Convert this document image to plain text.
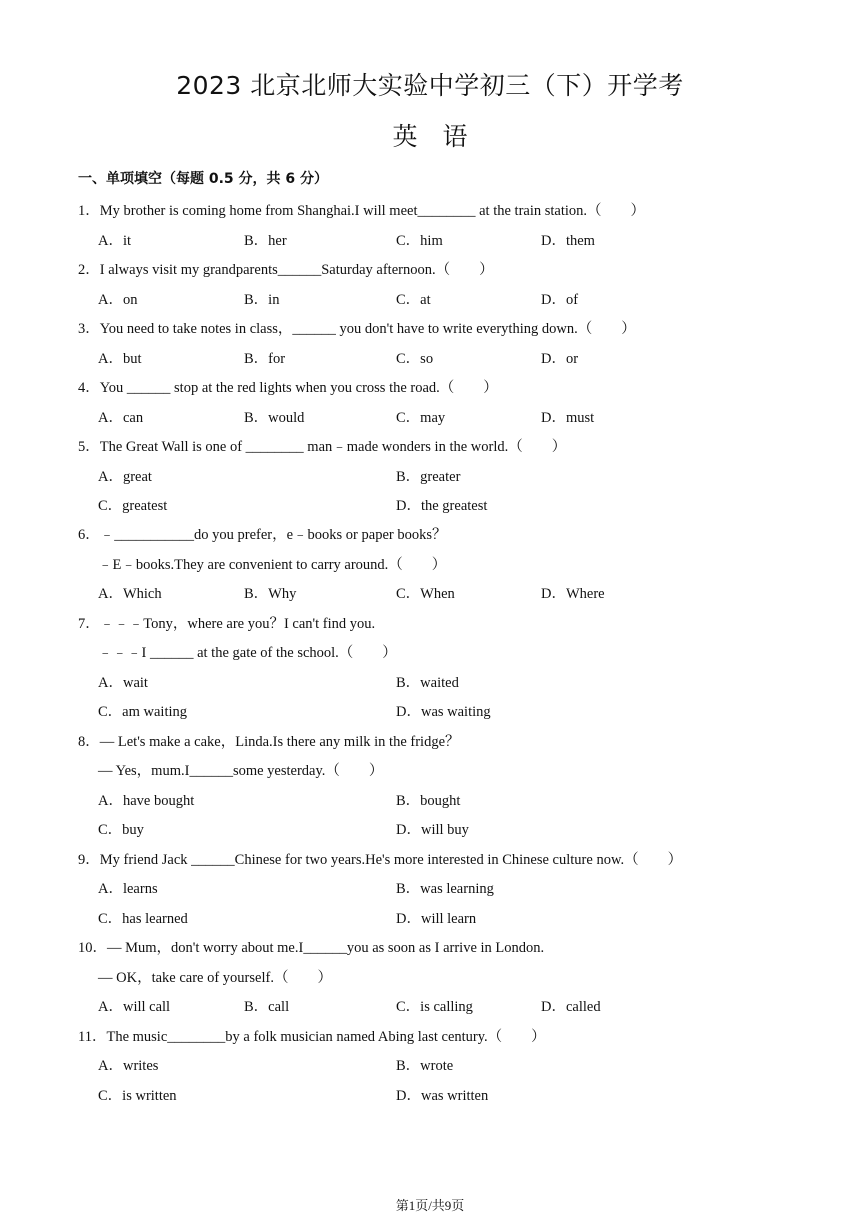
2023 北京北师大实验中学初三（下）开学考
英　语
一、单项填空（每题 0.5 分，共 6 分）
1．My brother is coming home from Shanghai.I will meet________ at the train station.（　　）
A．it	B．her	C．him	D．them
2．I always visit my grandparents______Saturday afternoon.（　　）
A．on	B．in	C．at	D．of
3．You need to take notes in class，______ you don't have to write everything down.（　　）
A．but	B．for	C．so	D．or
4．You ______ stop at the red lights when you cross the road.（　　）
A．can	B．would	C．may	D．must
5．The Great Wall is one of ________ man﹣made wonders in the world.（　　）
A．great	B．greater
C．greatest	D．the greatest
6．﹣___________do you prefer，e﹣books or paper books？
﹣E﹣books.They are convenient to carry around.（　　）
A．Which	B．Why	C．When	D．Where
7．﹣﹣﹣Tony，where are you？I can't find you.
﹣﹣﹣I ______ at the gate of the school.（　　）
A．wait	B．waited
C．am waiting	D．was waiting
8．— Let's make a cake，Linda.Is there any milk in the fridge？
— Yes，mum.I______some yesterday.（　　）
A．have bought	B．bought
C．buy	D．will buy
9．My friend Jack ______Chinese for two years.He's more interested in Chinese culture now.（　　）
A．learns	B．was learning
C．has learned	D．will learn
10．— Mum，don't worry about me.I______you as soon as I arrive in London.
— OK，take care of yourself.（　　）
A．will call	B．call	C．is calling	D．called
11．The music________by a folk musician named Abing last century.（　　）
A．writes	B．wrote
C．is written	D．was written
第1页/共9页
